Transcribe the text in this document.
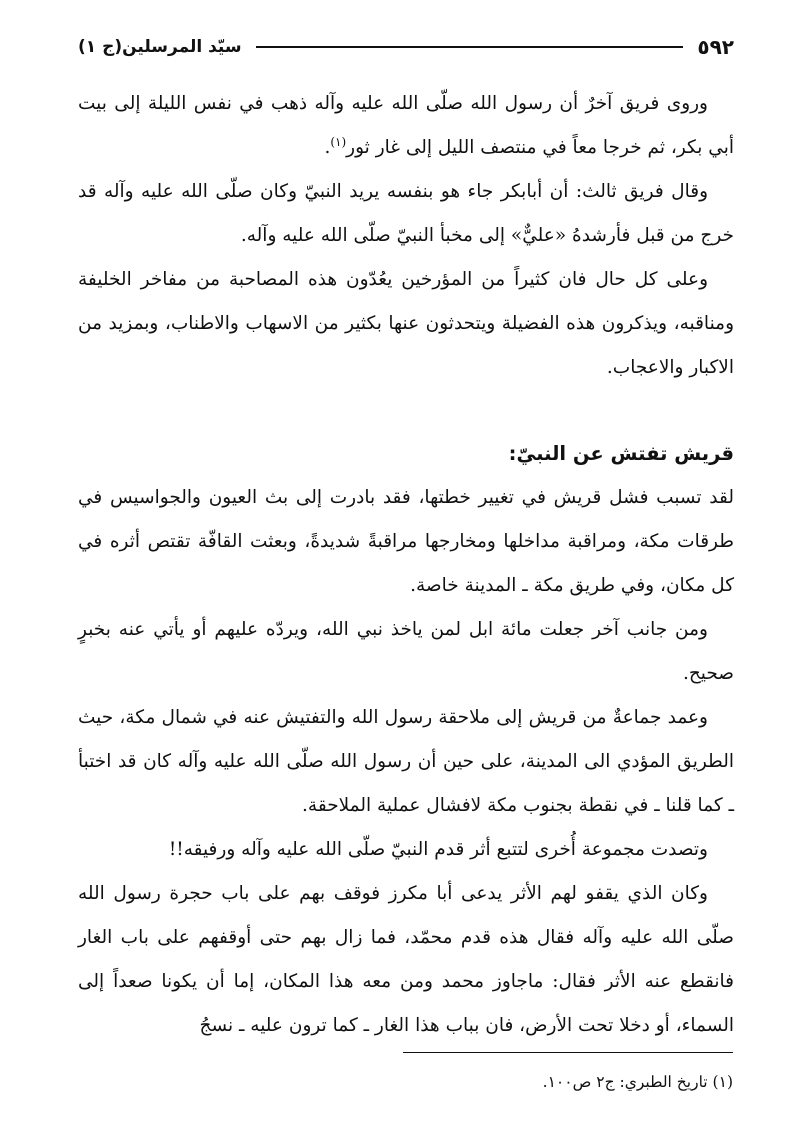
٥٩٢
سيّد المرسلين(ج ١)

وروى فريق آخرٌ أن رسول الله صلّى الله عليه وآله ذهب في نفس الليلة إلى بيت أبي بكر، ثم خرجا معاً في منتصف الليل إلى غار ثور$^{(١)}$.

وقال فريق ثالث: أن أبابكر جاء هو بنفسه يريد النبيّ وكان صلّى الله عليه وآله قد خرج من قبل فأرشدهُ «عليٌّ» إلى مخبأ النبيّ صلّى الله عليه وآله.

وعلى كل حال فان كثيراً من المؤرخين يعُدّون هذه المصاحبة من مفاخر الخليفة ومناقبه، ويذكرون هذه الفضيلة ويتحدثون عنها بكثير من الاسهاب والاطناب، وبمزيد من الاكبار والاعجاب.

قريش تفتش عن النبيّ:

لقد تسبب فشل قريش في تغيير خطتها، فقد بادرت إلى بث العيون والجواسيس في طرقات مكة، ومراقبة مداخلها ومخارجها مراقبةً شديدةً، وبعثت القافّة تقتص أثره في كل مكان، وفي طريق مكة ـ المدينة خاصة.

ومن جانب آخر جعلت مائة ابل لمن ياخذ نبي الله، ويردّه عليهم أو يأتي عنه بخبرٍ صحيح.

وعمد جماعةٌ من قريش إلى ملاحقة رسول الله والتفتيش عنه في شمال مكة، حيث الطريق المؤدي الى المدينة، على حين أن رسول الله صلّى الله عليه وآله كان قد اختبأ ـ كما قلنا ـ في نقطة بجنوب مكة لافشال عملية الملاحقة.

وتصدت مجموعة أُخرى لتتبع أثر قدم النبيّ صلّى الله عليه وآله ورفيقه!!

وكان الذي يقفو لهم الأثر يدعى أبا مكرز فوقف بهم على باب حجرة رسول الله صلّى الله عليه وآله فقال هذه قدم محمّد، فما زال بهم حتى أوقفهم على باب الغار فانقطع عنه الأثر فقال: ماجاوز محمد ومن معه هذا المكان، إما أن يكونا صعداً إلى السماء، أو دخلا تحت الأرض، فان بباب هذا الغار ـ كما ترون عليه ـ نسجُ

(١) تاريخ الطبري: ج٢ ص١٠٠.
